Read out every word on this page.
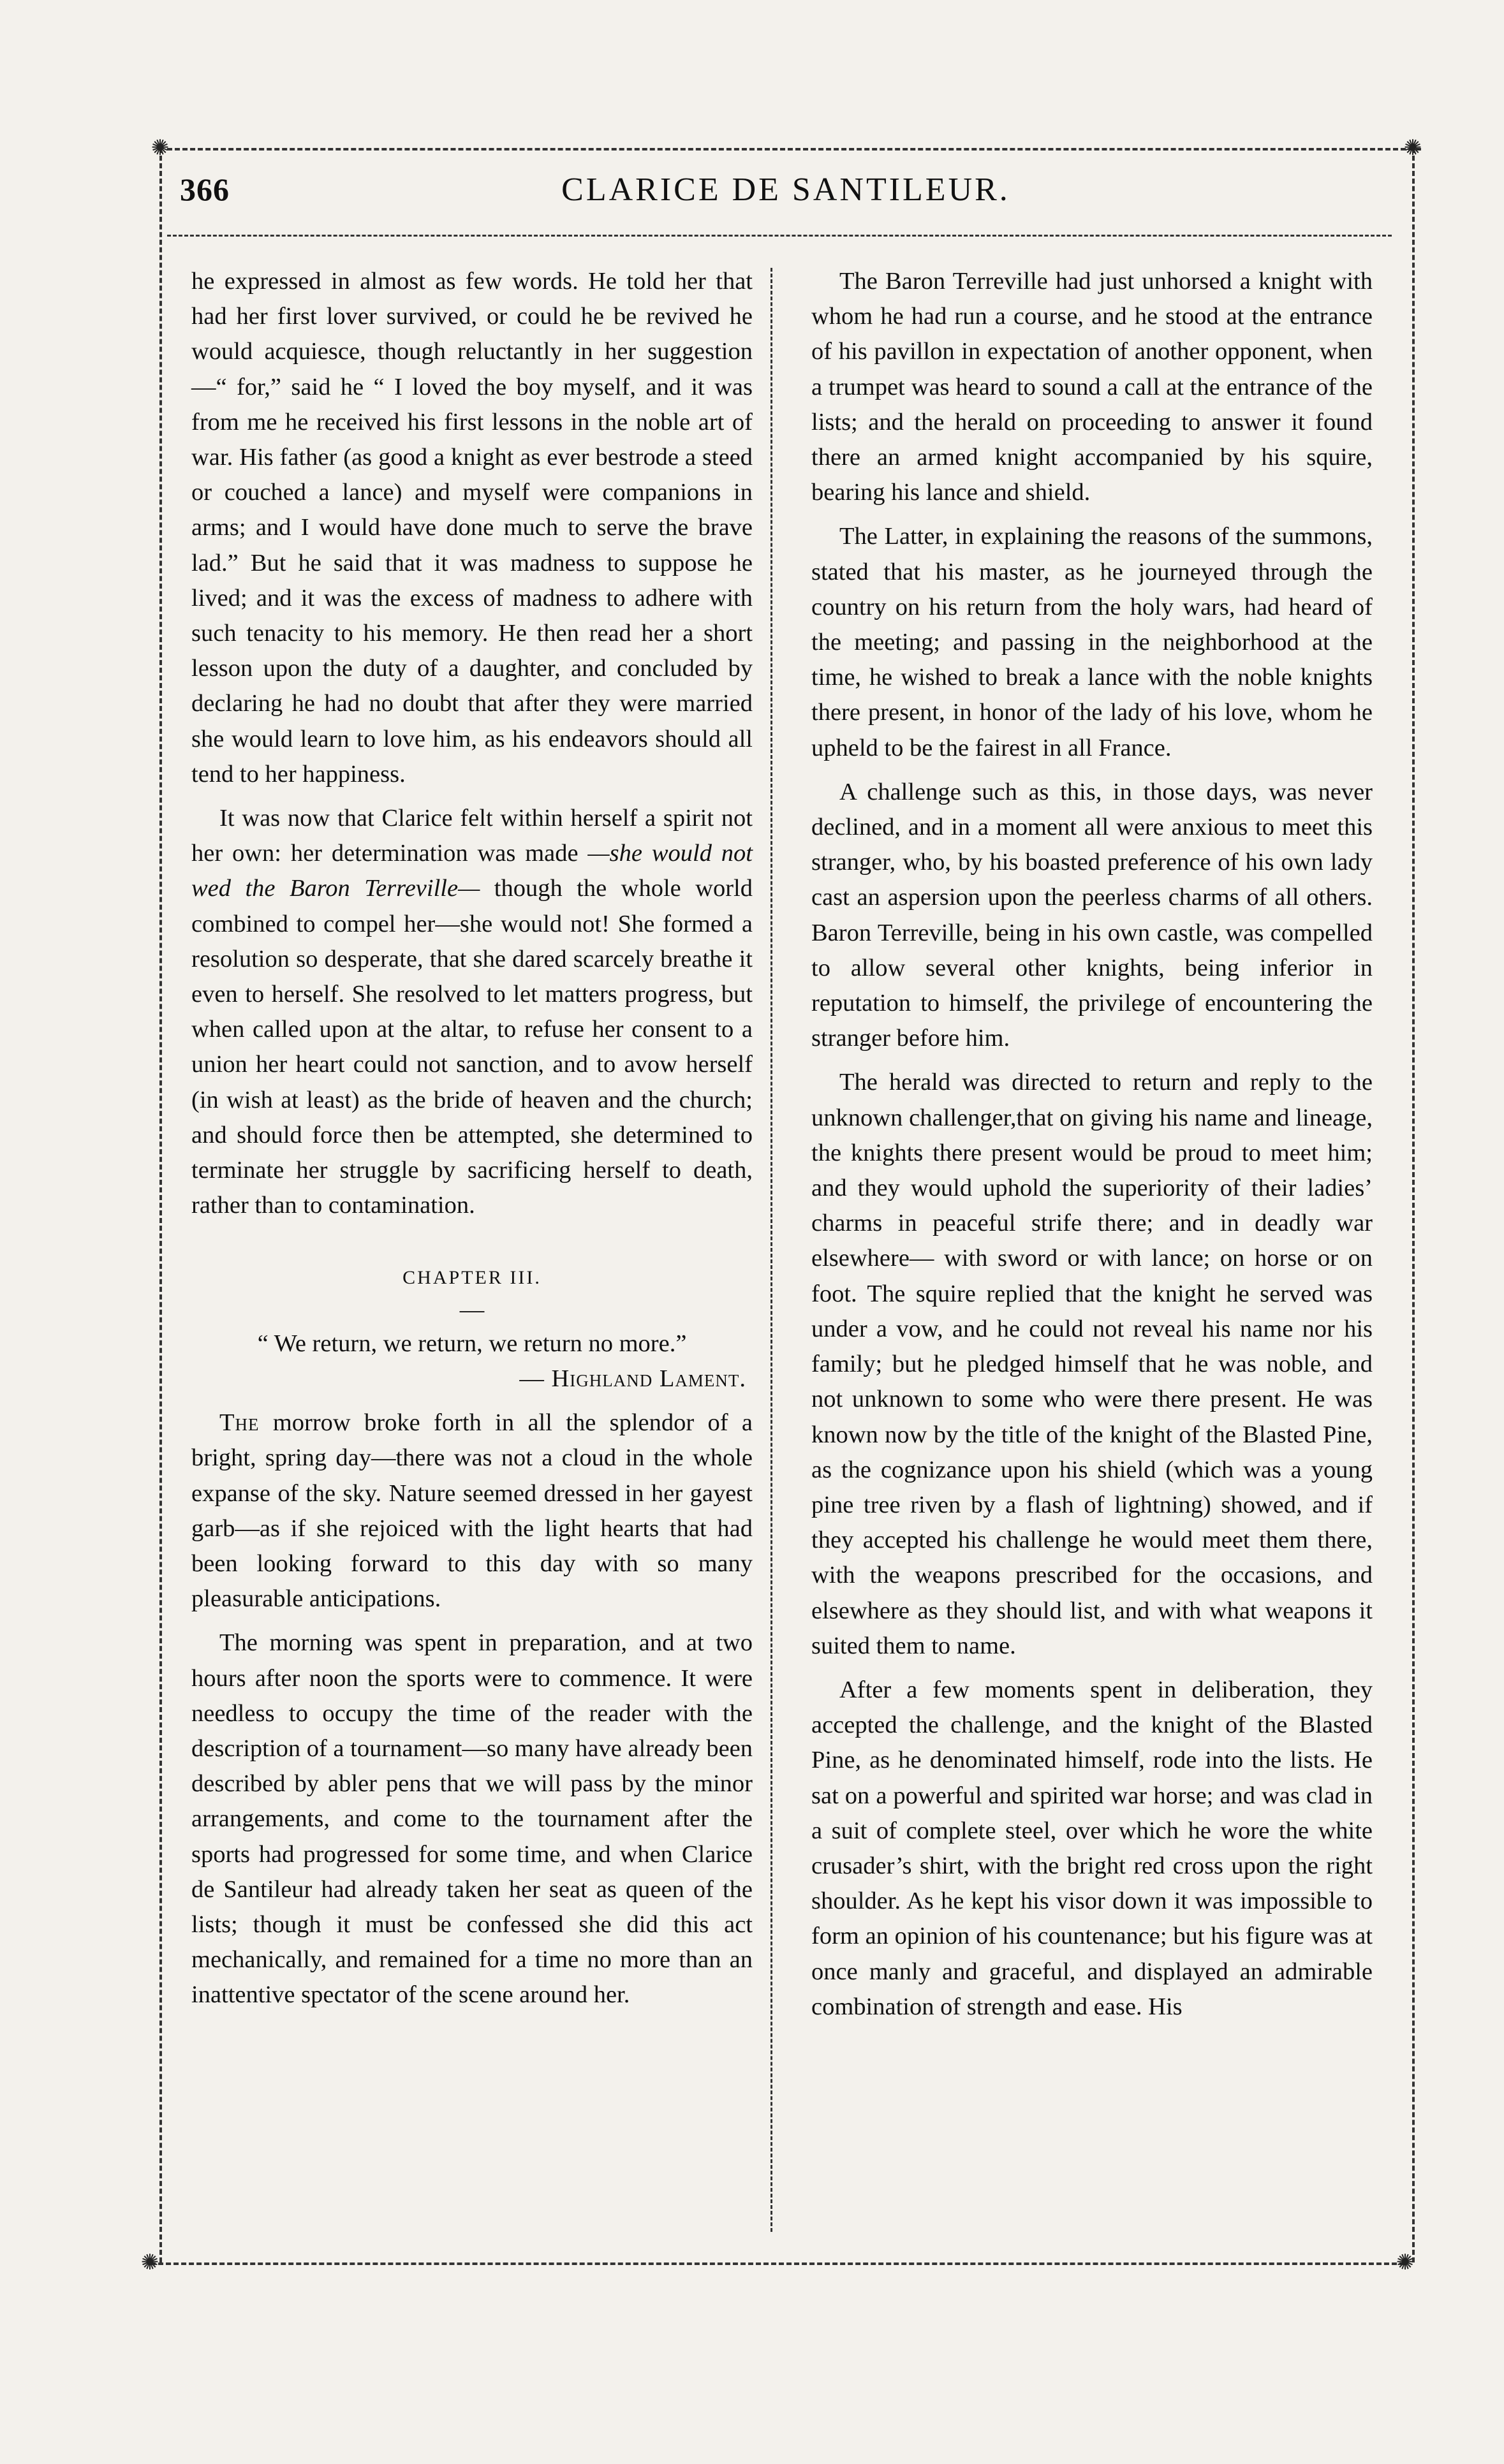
✺	✺
✺	✺
366	CLARICE DE SANTILEUR.

he expressed in almost as few words. He told her that had her first lover survived, or could he be revived he would acquiesce, though reluctantly in her suggestion—“ for,” said he “ I loved the boy myself, and it was from me he received his first lessons in the noble art of war. His father (as good a knight as ever bestrode a steed or couched a lance) and myself were companions in arms; and I would have done much to serve the brave lad.” But he said that it was madness to suppose he lived; and it was the excess of madness to adhere with such tenacity to his memory. He then read her a short lesson upon the duty of a daughter, and concluded by declaring he had no doubt that after they were married she would learn to love him, as his endeavors should all tend to her happiness.

It was now that Clarice felt within herself a spirit not her own: her determination was made —she would not wed the Baron Terreville— though the whole world combined to compel her—she would not! She formed a resolution so desperate, that she dared scarcely breathe it even to herself. She resolved to let matters progress, but when called upon at the altar, to refuse her consent to a union her heart could not sanction, and to avow herself (in wish at least) as the bride of heaven and the church; and should force then be attempted, she determined to terminate her struggle by sacrificing herself to death, rather than to contamination.

CHAPTER III.
—
“ We return, we return, we return no more.”
— Highland Lament.

The morrow broke forth in all the splendor of a bright, spring day—there was not a cloud in the whole expanse of the sky. Nature seemed dressed in her gayest garb—as if she rejoiced with the light hearts that had been looking forward to this day with so many pleasurable anticipations.

The morning was spent in preparation, and at two hours after noon the sports were to commence. It were needless to occupy the time of the reader with the description of a tournament—so many have already been described by abler pens that we will pass by the minor arrangements, and come to the tournament after the sports had progressed for some time, and when Clarice de Santileur had already taken her seat as queen of the lists; though it must be confessed she did this act mechanically, and remained for a time no more than an inattentive spectator of the scene around her.

The Baron Terreville had just unhorsed a knight with whom he had run a course, and he stood at the entrance of his pavillon in expectation of another opponent, when a trumpet was heard to sound a call at the entrance of the lists; and the herald on proceeding to answer it found there an armed knight accompanied by his squire, bearing his lance and shield.

The Latter, in explaining the reasons of the summons, stated that his master, as he journeyed through the country on his return from the holy wars, had heard of the meeting; and passing in the neighborhood at the time, he wished to break a lance with the noble knights there present, in honor of the lady of his love, whom he upheld to be the fairest in all France.

A challenge such as this, in those days, was never declined, and in a moment all were anxious to meet this stranger, who, by his boasted preference of his own lady cast an aspersion upon the peerless charms of all others. Baron Terreville, being in his own castle, was compelled to allow several other knights, being inferior in reputation to himself, the privilege of encountering the stranger before him.

The herald was directed to return and reply to the unknown challenger,that on giving his name and lineage, the knights there present would be proud to meet him; and they would uphold the superiority of their ladies’ charms in peaceful strife there; and in deadly war elsewhere— with sword or with lance; on horse or on foot. The squire replied that the knight he served was under a vow, and he could not reveal his name nor his family; but he pledged himself that he was noble, and not unknown to some who were there present. He was known now by the title of the knight of the Blasted Pine, as the cognizance upon his shield (which was a young pine tree riven by a flash of lightning) showed, and if they accepted his challenge he would meet them there, with the weapons prescribed for the occasions, and elsewhere as they should list, and with what weapons it suited them to name.

After a few moments spent in deliberation, they accepted the challenge, and the knight of the Blasted Pine, as he denominated himself, rode into the lists. He sat on a powerful and spirited war horse; and was clad in a suit of complete steel, over which he wore the white crusader’s shirt, with the bright red cross upon the right shoulder. As he kept his visor down it was impossible to form an opinion of his countenance; but his figure was at once manly and graceful, and displayed an admirable combination of strength and ease. His
